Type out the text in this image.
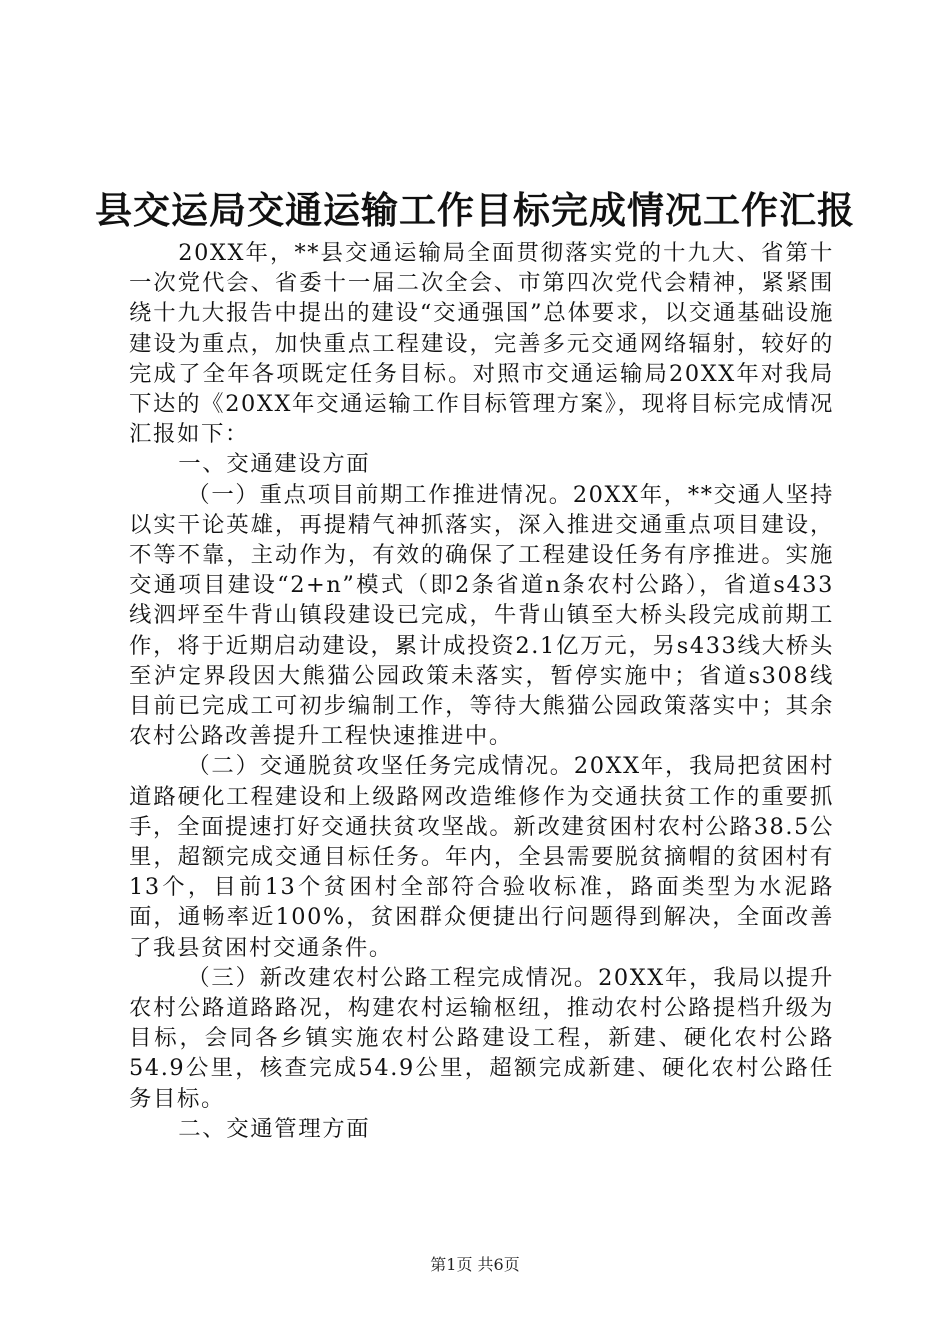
县交运局交通运输工作目标完成情况工作汇报

20XX年，**县交通运输局全面贯彻落实党的十九大、省第十一次党代会、省委十一届二次全会、市第四次党代会精神，紧紧围绕十九大报告中提出的建设“交通强国”总体要求，以交通基础设施建设为重点，加快重点工程建设，完善多元交通网络辐射，较好的完成了全年各项既定任务目标。对照市交通运输局20XX年对我局下达的《20XX年交通运输工作目标管理方案》，现将目标完成情况汇报如下：

一、交通建设方面

（一）重点项目前期工作推进情况。20XX年，**交通人坚持以实干论英雄，再提精气神抓落实，深入推进交通重点项目建设，不等不靠，主动作为，有效的确保了工程建设任务有序推进。实施交通项目建设“2+n”模式（即2条省道n条农村公路），省道s433线泗坪至牛背山镇段建设已完成，牛背山镇至大桥头段完成前期工作，将于近期启动建设，累计成投资2.1亿万元，另s433线大桥头至泸定界段因大熊猫公园政策未落实，暂停实施中；省道s308线目前已完成工可初步编制工作，等待大熊猫公园政策落实中；其余农村公路改善提升工程快速推进中。

（二）交通脱贫攻坚任务完成情况。20XX年，我局把贫困村道路硬化工程建设和上级路网改造维修作为交通扶贫工作的重要抓手，全面提速打好交通扶贫攻坚战。新改建贫困村农村公路38.5公里，超额完成交通目标任务。年内，全县需要脱贫摘帽的贫困村有13个，目前13个贫困村全部符合验收标准，路面类型为水泥路面，通畅率近100%，贫困群众便捷出行问题得到解决，全面改善了我县贫困村交通条件。

（三）新改建农村公路工程完成情况。20XX年，我局以提升农村公路道路路况，构建农村运输枢纽，推动农村公路提档升级为目标，会同各乡镇实施农村公路建设工程，新建、硬化农村公路54.9公里，核查完成54.9公里，超额完成新建、硬化农村公路任务目标。

二、交通管理方面

第1页 共6页
